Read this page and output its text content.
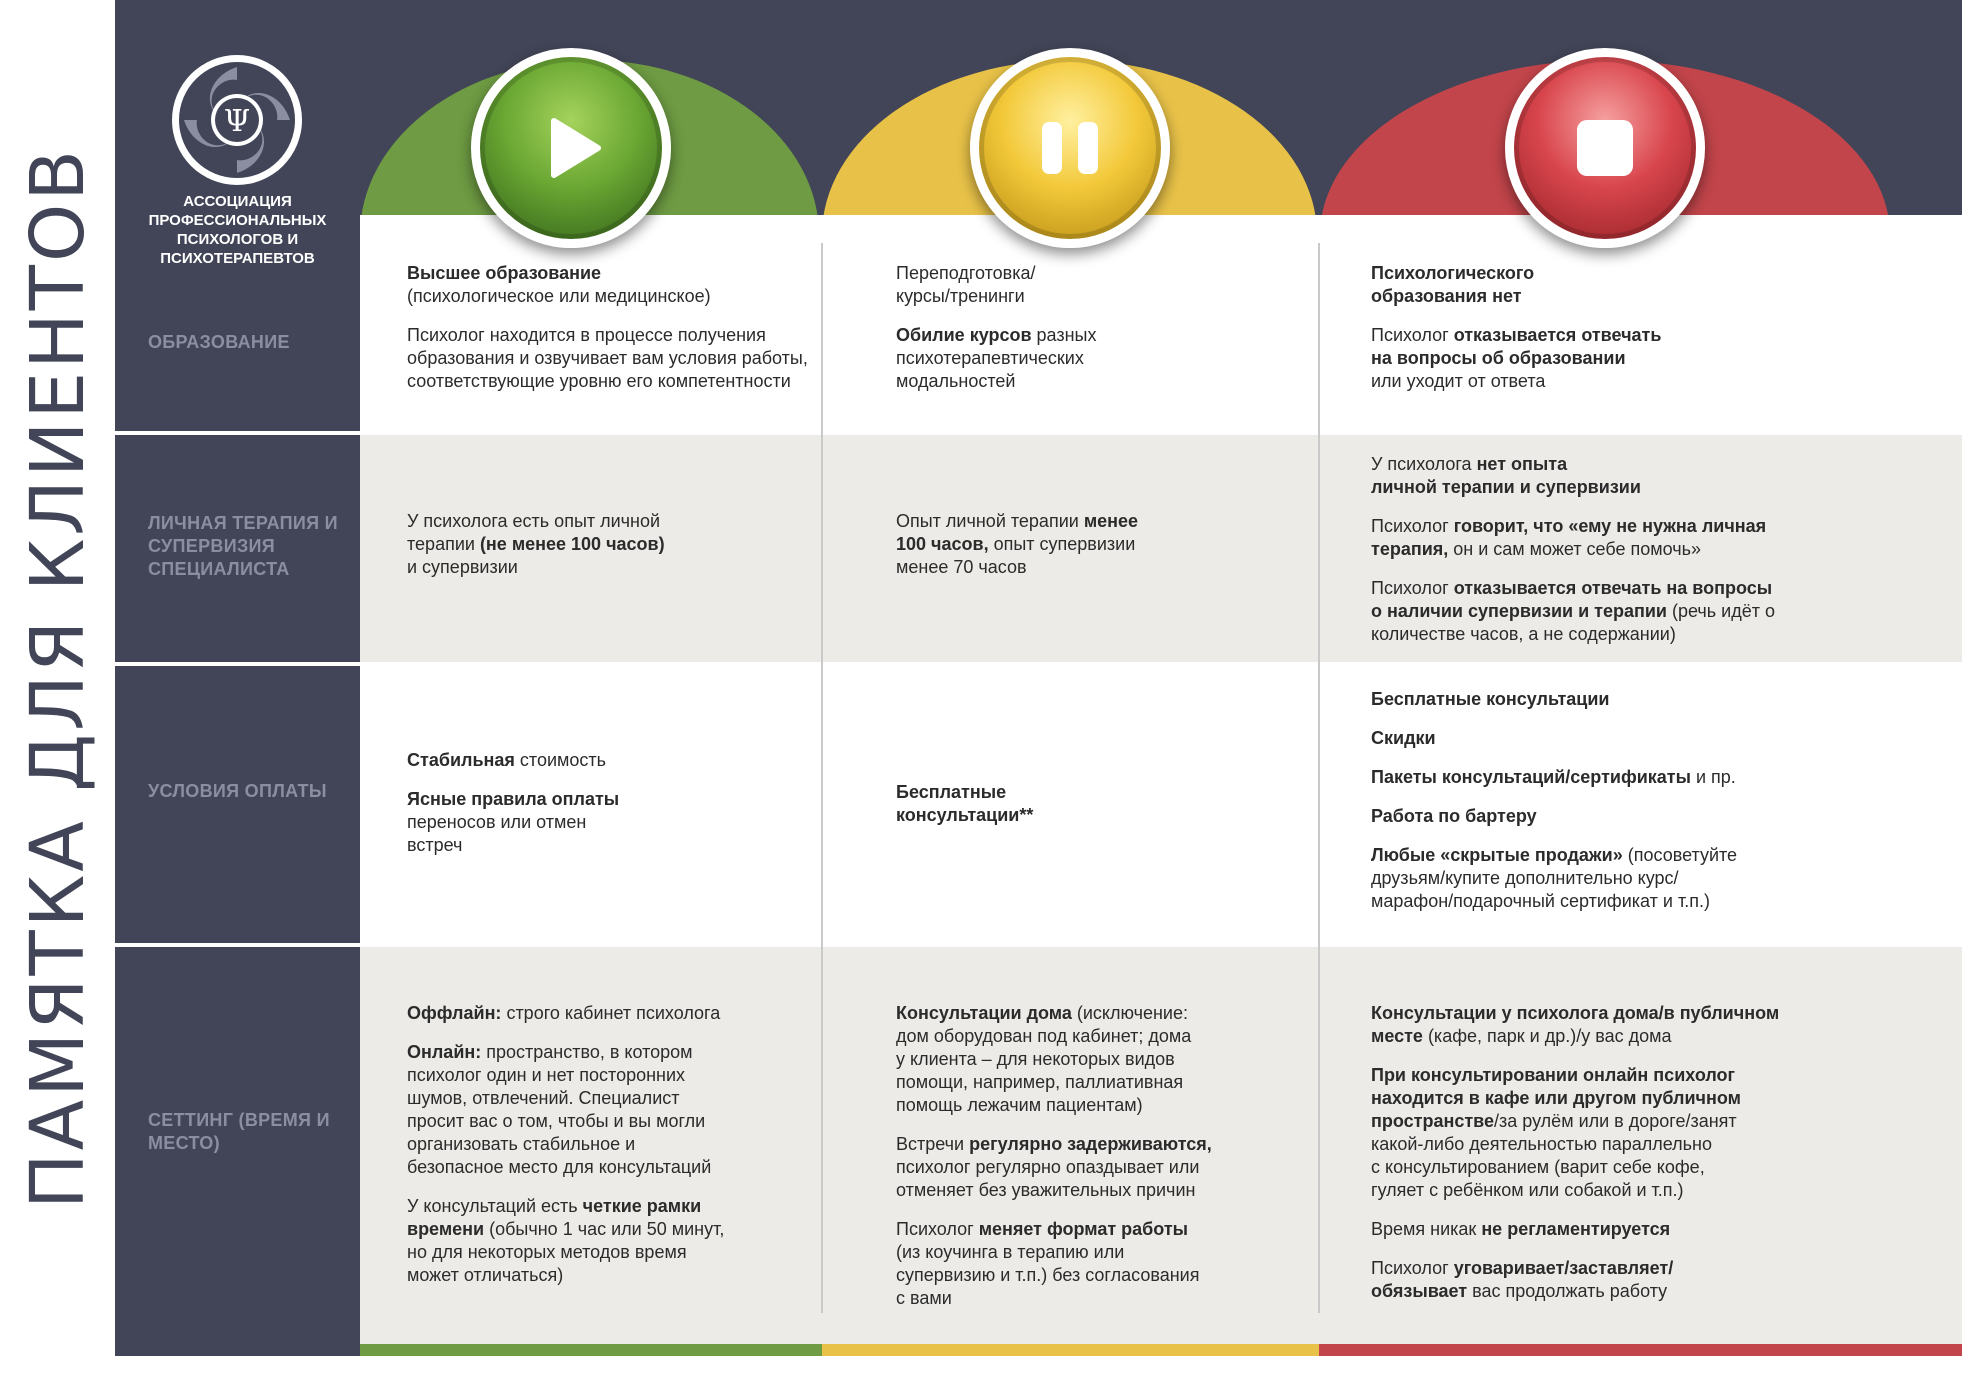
Ψ
АССОЦИАЦИЯ ПРОФЕССИОНАЛЬНЫХ ПСИХОЛОГОВ И ПСИХОТЕРАПЕВТОВ
ПАМЯТКА ДЛЯ КЛИЕНТОВ	ОБРАЗОВАНИЕ
ЛИЧНАЯ ТЕРАПИЯ И СУПЕРВИЗИЯ СПЕЦИАЛИСТА
УСЛОВИЯ ОПЛАТЫ
СЕТТИНГ (ВРЕМЯ И МЕСТО)

Высшее образование
(психологическое или медицинское)

Психолог находится в процессе получения образования и озвучивает вам условия работы, соответствующие уровню его компетентности

Переподготовка/
курсы/тренинги

Обилие курсов разных
психотерапевтических
модальностей

Психологического
образования нет

Психолог отказывается отвечать
на вопросы об образовании
или уходит от ответа

У психолога есть опыт личной
терапии (не менее 100 часов)
и супервизии

Опыт личной терапии менее
100 часов, опыт супервизии
менее 70 часов

У психолога нет опыта
личной терапии и супервизии

Психолог говорит, что «ему не нужна личная
терапия, он и сам может себе помочь»

Психолог отказывается отвечать на вопросы
о наличии супервизии и терапии (речь идёт о
количестве часов, а не содержании)

Стабильная стоимость

Ясные правила оплаты
переносов или отмен
встреч

Бесплатные
консультации**

Бесплатные консультации

Скидки

Пакеты консультаций/сертификаты и пр.

Работа по бартеру

Любые «скрытые продажи» (посоветуйте
друзьям/купите дополнительно курс/
марафон/подарочный сертификат и т.п.)

Оффлайн: строго кабинет психолога

Онлайн: пространство, в котором
психолог один и нет посторонних
шумов, отвлечений. Специалист
просит вас о том, чтобы и вы могли
организовать стабильное и
безопасное место для консультаций

У консультаций есть четкие рамки
времени (обычно 1 час или 50 минут,
но для некоторых методов время
может отличаться)

Консультации дома (исключение:
дом оборудован под кабинет; дома
у клиента – для некоторых видов
помощи, например, паллиативная
помощь лежачим пациентам)

Встречи регулярно задерживаются,
психолог регулярно опаздывает или
отменяет без уважительных причин

Психолог меняет формат работы
(из коучинга в терапию или
супервизию и т.п.) без согласования
с вами

Консультации у психолога дома/в публичном
месте (кафе, парк и др.)/у вас дома

При консультировании онлайн психолог
находится в кафе или другом публичном
пространстве/за рулём или в дороге/занят
какой-либо деятельностью параллельно
с консультированием (варит себе кофе,
гуляет с ребёнком или собакой и т.п.)

Время никак не регламентируется

Психолог уговаривает/заставляет/
обязывает вас продолжать работу
